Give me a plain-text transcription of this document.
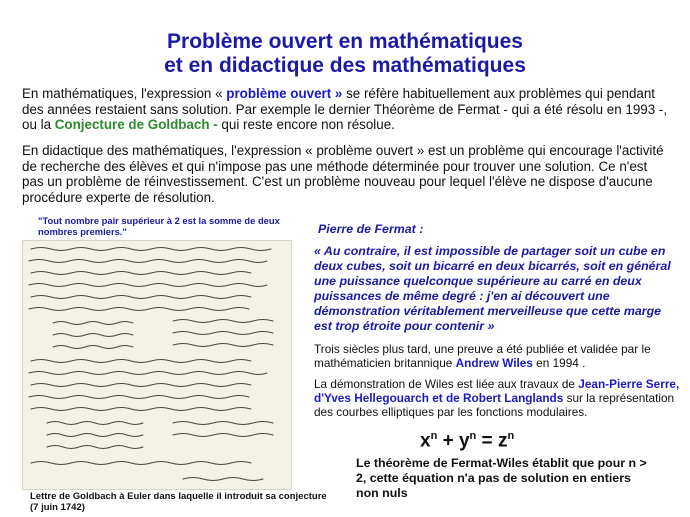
Problème ouvert en mathématiques
et en didactique des mathématiques
En mathématiques, l'expression « problème ouvert » se réfère habituellement aux problèmes qui pendant des années restaient sans solution. Par exemple le dernier Théorème de Fermat - qui a été résolu en 1993 -, ou la Conjecture de Goldbach - qui reste encore non résolue.
En didactique des mathématiques, l'expression « problème ouvert » est un problème qui encourage l'activité de recherche des élèves et qui n'impose pas une méthode déterminée pour trouver une solution. Ce n'est pas un problème de réinvestissement. C'est un problème nouveau pour lequel l'élève ne dispose d'aucune procédure experte de résolution.
"Tout nombre pair supérieur à 2 est la somme de deux nombres premiers."
Lettre de Goldbach à Euler dans laquelle il introduit sa conjecture (7 juin 1742)
Pierre de Fermat :
« Au contraire, il est impossible de partager soit un cube en deux cubes, soit un bicarré en deux bicarrés, soit en général une puissance quelconque supérieure au carré en deux puissances de même degré : j'en ai découvert une démonstration véritablement merveilleuse que cette marge est trop étroite pour contenir »
Trois siècles plus tard, une preuve a été publiée et validée par le mathématicien britannique Andrew Wiles en 1994 .
La démonstration de Wiles est liée aux travaux de Jean-Pierre Serre, d'Yves Hellegouarch et de Robert Langlands sur la représentation des courbes elliptiques par les fonctions modulaires.
$x^n + y^n = z^n$
Le théorème de Fermat-Wiles établit que pour n > 2, cette équation n'a pas de solution en entiers non nuls
